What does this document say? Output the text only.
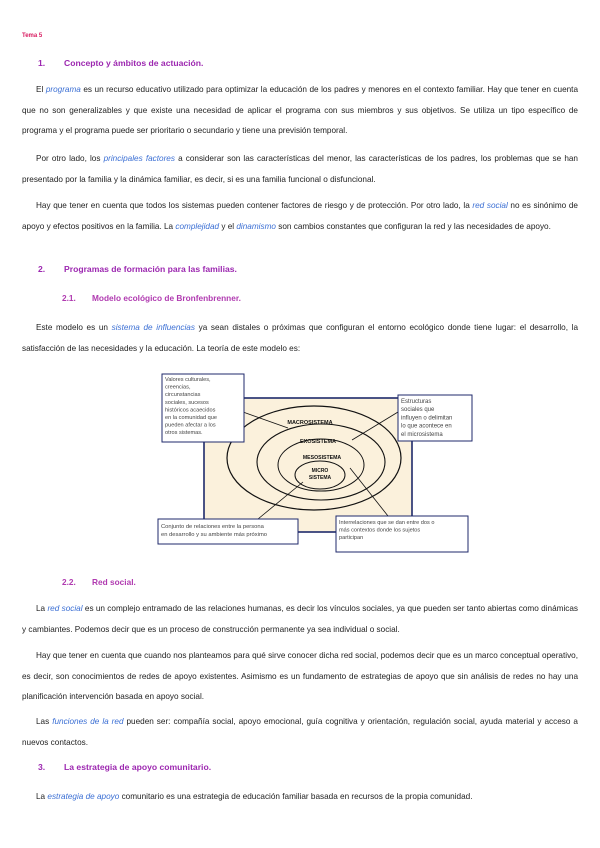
Tema 5
1. Concepto y ámbitos de actuación.

El programa es un recurso educativo utilizado para optimizar la educación de los padres y menores en el contexto familiar. Hay que tener en cuenta que no son generalizables y que existe una necesidad de aplicar el programa con sus miembros y sus objetivos. Se utiliza un tipo específico de programa y el programa puede ser prioritario o secundario y tiene una previsión temporal.

Por otro lado, los principales factores a considerar son las características del menor, las características de los padres, los problemas que se han presentado por la familia y la dinámica familiar, es decir, si es una familia funcional o disfuncional.

Hay que tener en cuenta que todos los sistemas pueden contener factores de riesgo y de protección. Por otro lado, la red social no es sinónimo de apoyo y efectos positivos en la familia. La complejidad y el dinamismo son cambios constantes que configuran la red y las necesidades de apoyo.

2. Programas de formación para las familias.
2.1. Modelo ecológico de Bronfenbrenner.

Este modelo es un sistema de influencias ya sean distales o próximas que configuran el entorno ecológico donde tiene lugar: el desarrollo, la satisfacción de las necesidades y la educación. La teoría de este modelo es:

MACROSISTEMA
EXOSISTEMA
MESOSISTEMA
MICRO
SISTEMA
Valores culturales,
creencias,
circunstancias
sociales, sucesos
históricos acaecidos
en la comunidad que
pueden afectar a los
otros sistemas.
Estructuras
sociales que
influyen o delimitan
lo que acontece en
el microsistema
Conjunto de relaciones entre la persona
en desarrollo y su ambiente más próximo
Interrelaciones que se dan entre dos o
más contextos donde los sujetos
participan
2.2. Red social.

La red social es un complejo entramado de las relaciones humanas, es decir los vínculos sociales, ya que pueden ser tanto abiertas como dinámicas y cambiantes. Podemos decir que es un proceso de construcción permanente ya sea individual o social.

Hay que tener en cuenta que cuando nos planteamos para qué sirve conocer dicha red social, podemos decir que es un marco conceptual operativo, es decir, son conocimientos de redes de apoyo existentes. Asimismo es un fundamento de estrategias de apoyo que sin análisis de redes no hay una planificación intervención basada en apoyo social.

Las funciones de la red pueden ser: compañía social, apoyo emocional, guía cognitiva y orientación, regulación social, ayuda material y acceso a nuevos contactos.

3. La estrategia de apoyo comunitario.

La estrategia de apoyo comunitario es una estrategia de educación familiar basada en recursos de la propia comunidad.
